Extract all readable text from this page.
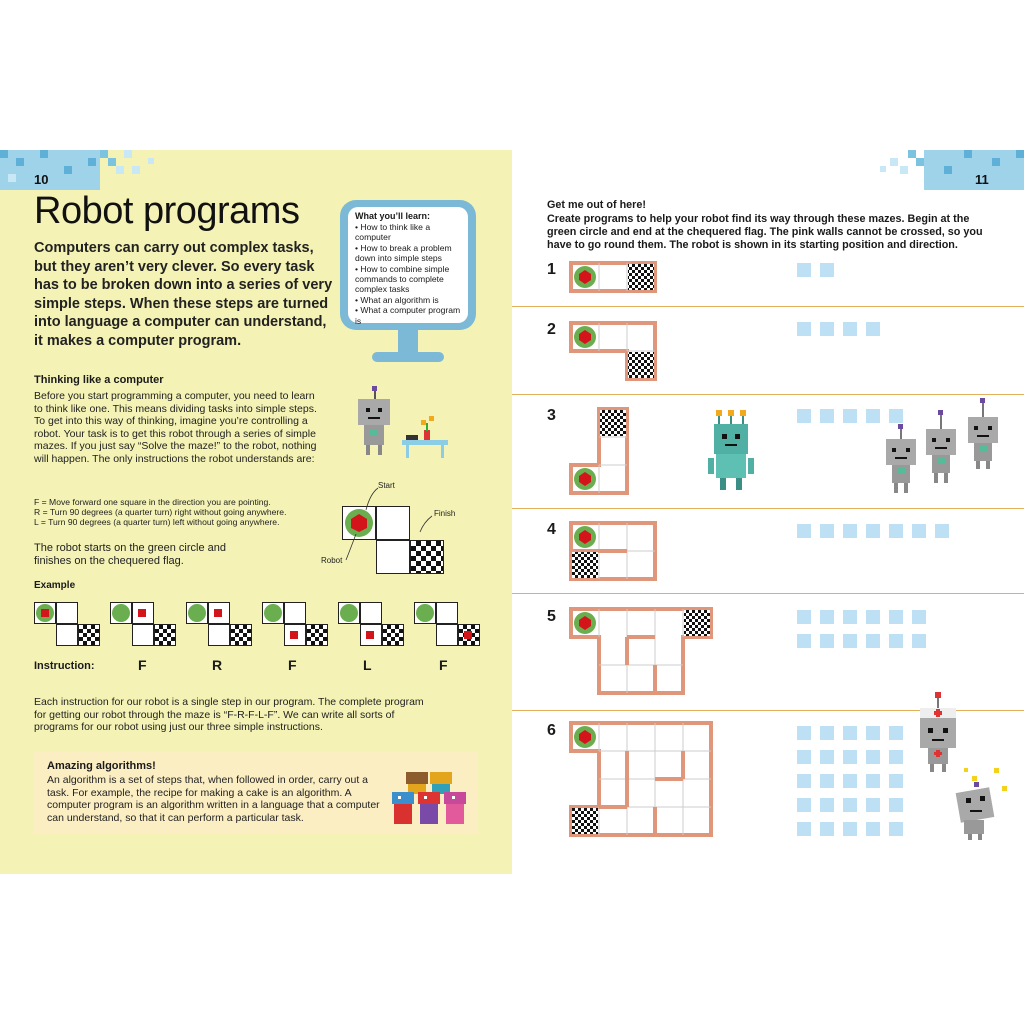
10	11
Robot programs
Computers can carry out complex tasks, but they aren’t very clever. So every task has to be broken down into a series of very simple steps. When these steps are turned into language a computer can understand, it makes a computer program.
What you’ll learn:
• How to think like a computer
• How to break a problem down into simple steps
• How to combine simple commands to complete complex tasks
• What an algorithm is
• What a computer program is
Thinking like a computer
Before you start programming a computer, you need to learn to think like one. This means dividing tasks into simple steps. To get into this way of thinking, imagine you’re controlling a robot. Your task is to get this robot through a series of simple mazes. If you just say “Solve the maze!” to the robot, nothing will happen. The only instructions the robot understands are:
F = Move forward one square in the direction you are pointing.
R = Turn 90 degrees (a quarter turn) right without going anywhere.
L = Turn 90 degrees (a quarter turn) left without going anywhere.
Start
Finish
Robot
The robot starts on the green circle and finishes on the chequered flag.
Example
Instruction:	F	R	F	L	F
Each instruction for our robot is a single step in our program. The complete program for getting our robot through the maze is “F-R-F-L-F”. We can write all sorts of programs for our robot using just our three simple instructions.
Amazing algorithms!
An algorithm is a set of steps that, when followed in order, carry out a task. For example, the recipe for making a cake is an algorithm. A computer program is an algorithm written in a language that a computer can understand, so that it can perform a particular task.
Get me out of here!
Create programs to help your robot find its way through these mazes. Begin at the green circle and end at the chequered flag. The pink walls cannot be crossed, so you have to go round them. The robot is shown in its starting position and direction.
1
2
3
4
5
6
